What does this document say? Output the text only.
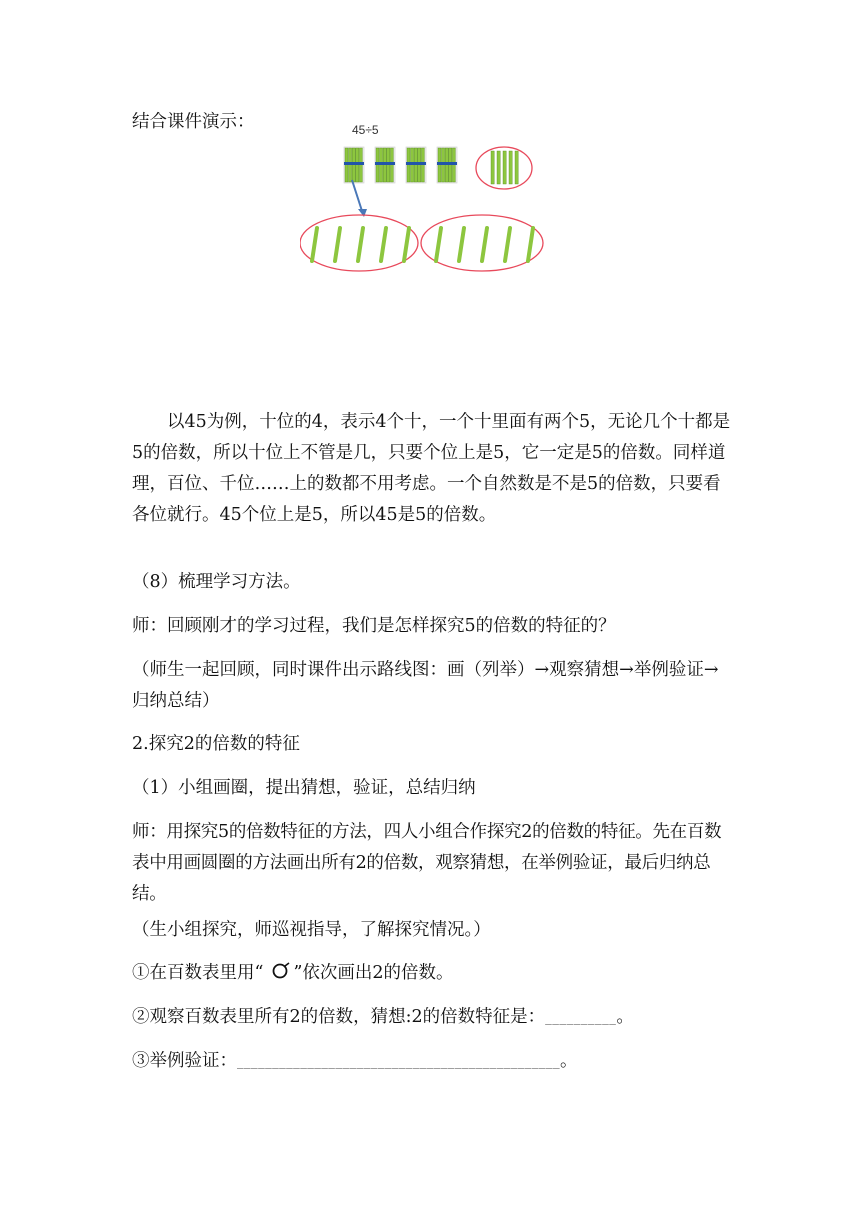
结合课件演示：	45÷5

以45为例，十位的4，表示4个十，一个十里面有两个5，无论几个十都是5的倍数，所以十位上不管是几，只要个位上是5，它一定是5的倍数。同样道理，百位、千位……上的数都不用考虑。一个自然数是不是5的倍数，只要看各位就行。45个位上是5，所以45是5的倍数。

（8）梳理学习方法。

师：回顾刚才的学习过程，我们是怎样探究5的倍数的特征的？

（师生一起回顾，同时课件出示路线图：画（列举）→观察猜想→举例验证→归纳总结）

2.探究2的倍数的特征

（1）小组画圈，提出猜想，验证，总结归纳

师：用探究5的倍数特征的方法，四人小组合作探究2的倍数的特征。先在百数表中用画圆圈的方法画出所有2的倍数，观察猜想，在举例验证，最后归纳总结。

（生小组探究，师巡视指导，了解探究情况。）

①在百数表里用“ ”依次画出2的倍数。

②观察百数表里所有2的倍数，猜想:2的倍数特征是：__________。

③举例验证：______________________________________________。
